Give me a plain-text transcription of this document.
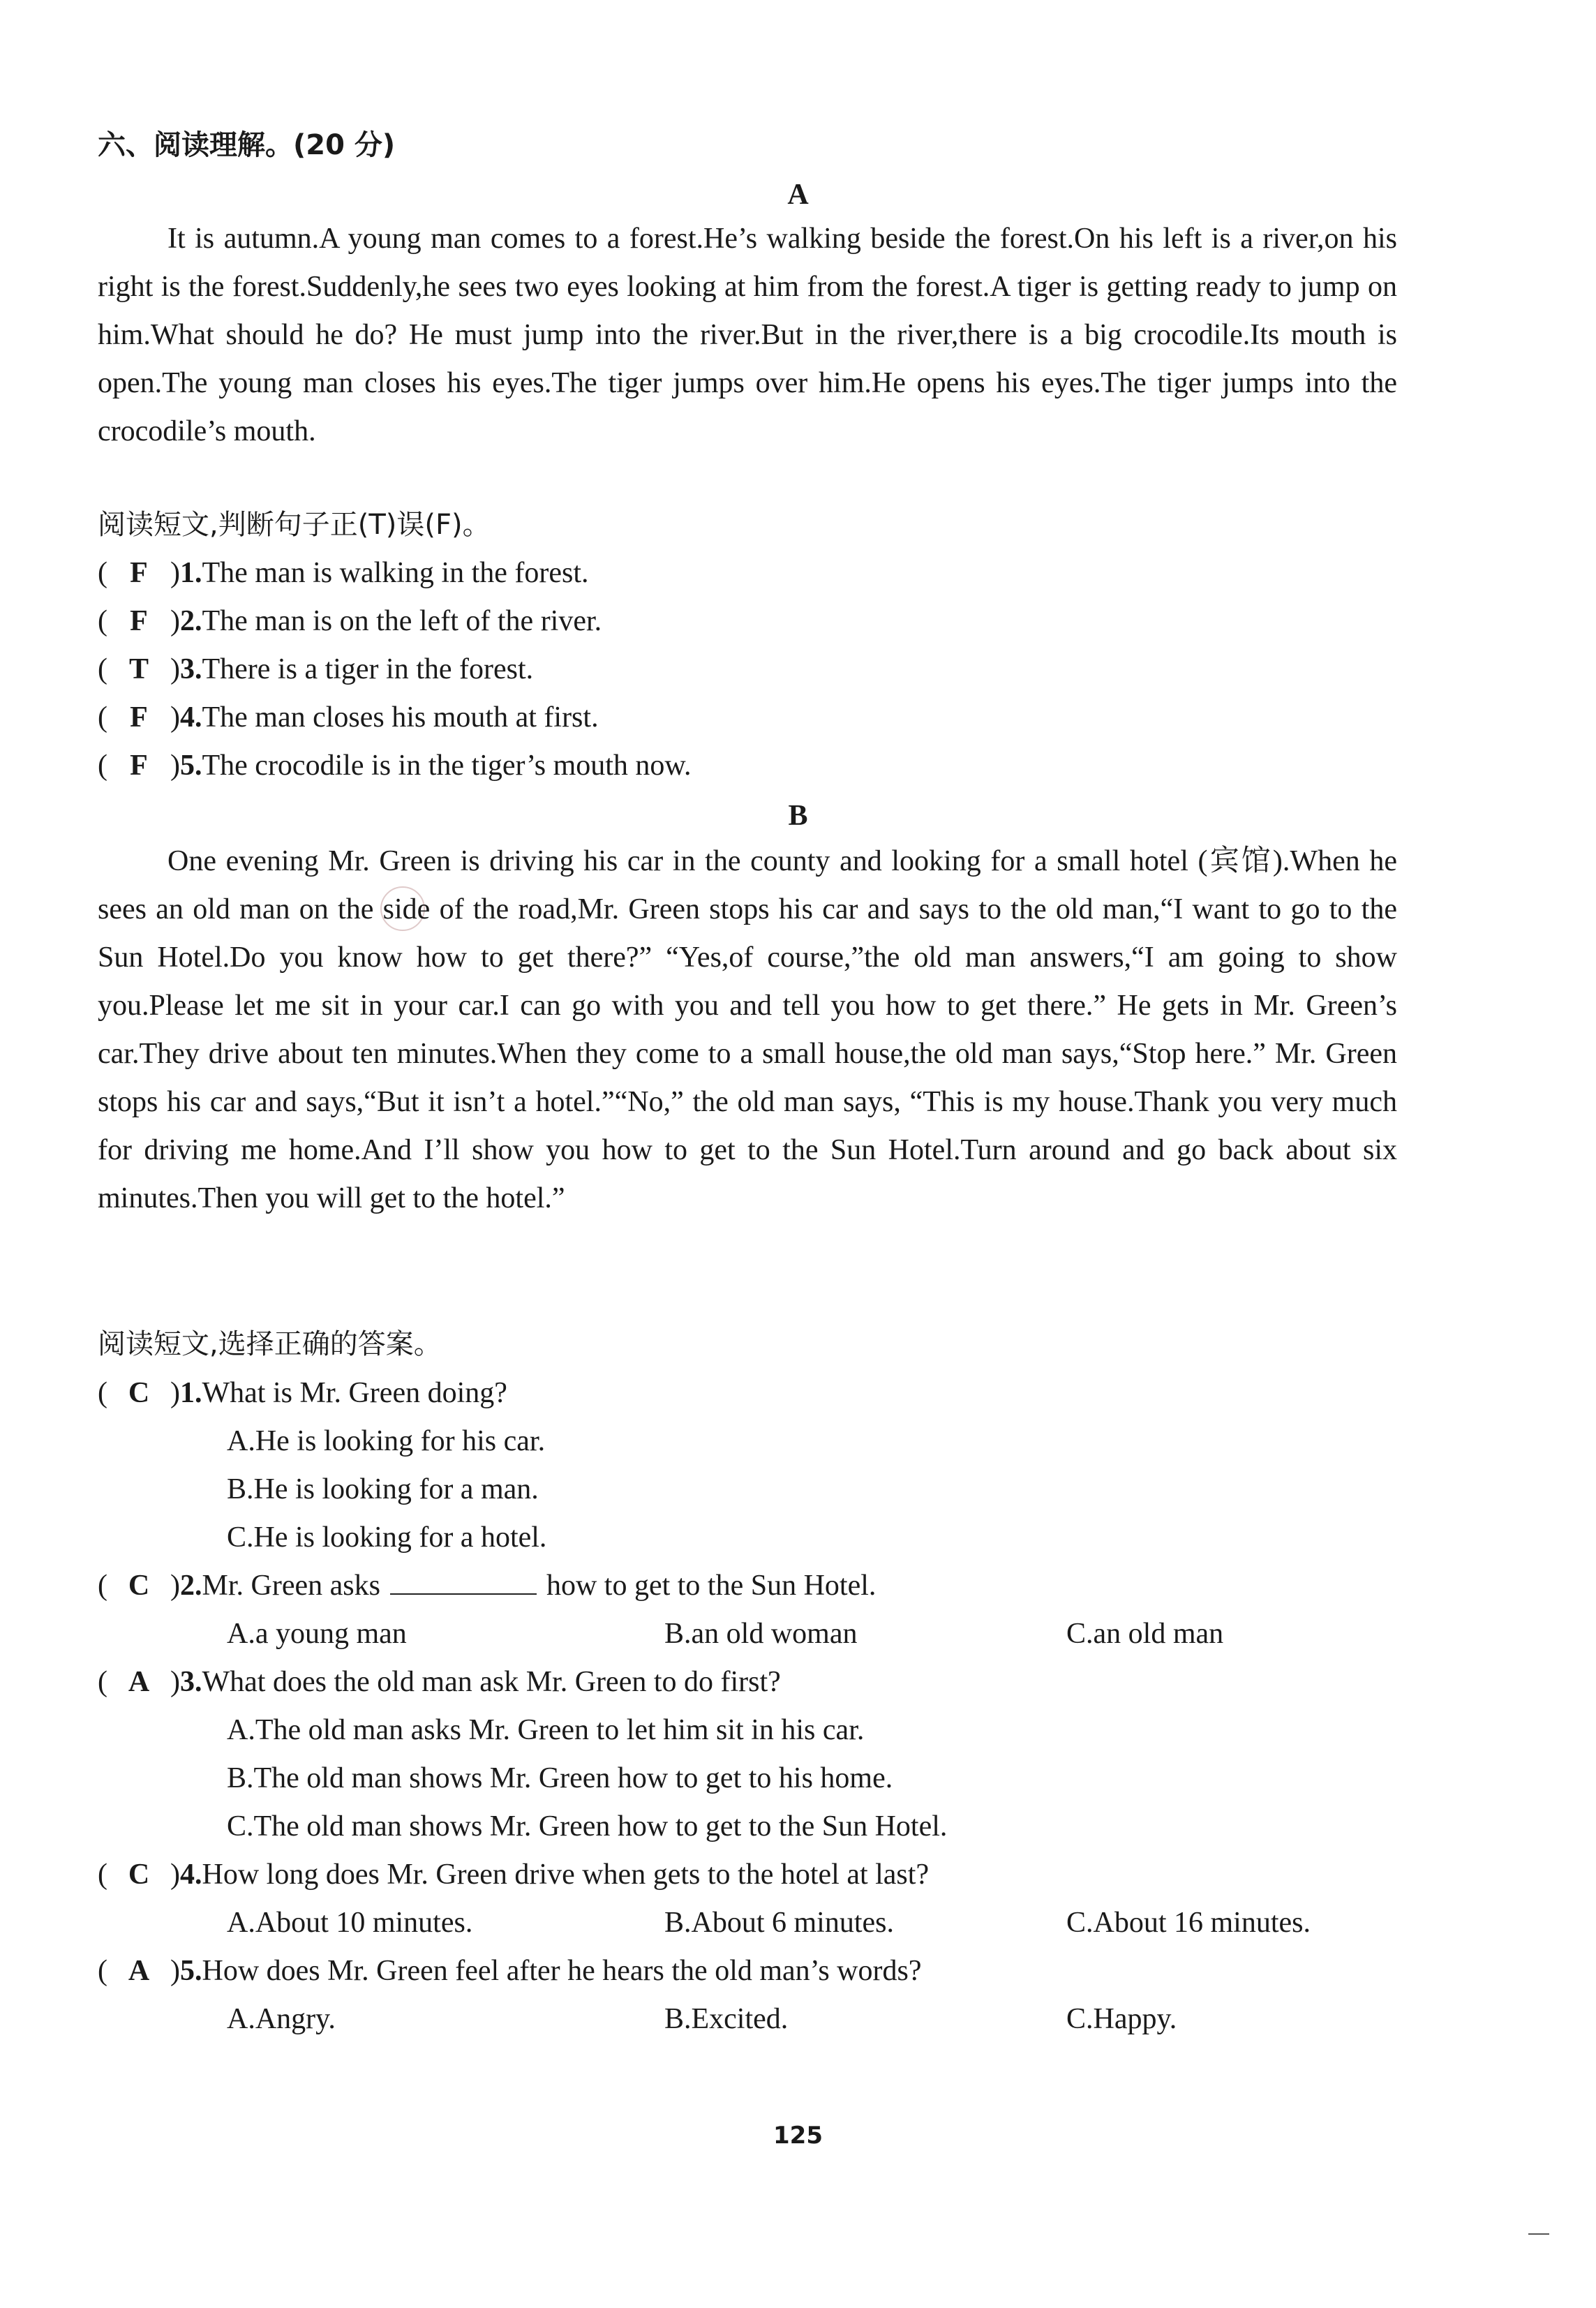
六、阅读理解。(20 分)
A

It is autumn.A young man comes to a forest.He’s walking beside the forest.On his left is a river,on his right is the forest.Suddenly,he sees two eyes looking at him from the forest.A tiger is getting ready to jump on him.What should he do? He must jump into the river.But in the river,there is a big crocodile.Its mouth is open.The young man closes his eyes.The tiger jumps over him.He opens his eyes.The tiger jumps into the crocodile’s mouth.

阅读短文,判断句子正(T)误(F)。
( F )1.The man is walking in the forest.
( F )2.The man is on the left of the river.
( T )3.There is a tiger in the forest.
( F )4.The man closes his mouth at first.
( F )5.The crocodile is in the tiger’s mouth now.
B

One evening Mr. Green is driving his car in the county and looking for a small hotel (宾馆).When he sees an old man on the side of the road,Mr. Green stops his car and says to the old man,“I want to go to the Sun Hotel.Do you know how to get there?” “Yes,of course,”the old man answers,“I am going to show you.Please let me sit in your car.I can go with you and tell you how to get there.” He gets in Mr. Green’s car.They drive about ten minutes.When they come to a small house,the old man says,“Stop here.” Mr. Green stops his car and says,“But it isn’t a hotel.”“No,” the old man says, “This is my house.Thank you very much for driving me home.And I’ll show you how to get to the Sun Hotel.Turn around and go back about six minutes.Then you will get to the hotel.”

阅读短文,选择正确的答案。
( C )1.What is Mr. Green doing?
A.He is looking for his car.
B.He is looking for a man.
C.He is looking for a hotel.
( C )2.Mr. Green asks	how to get to the Sun Hotel.
A.a young man	B.an old woman	C.an old man
( A )3.What does the old man ask Mr. Green to do first?
A.The old man asks Mr. Green to let him sit in his car.
B.The old man shows Mr. Green how to get to his home.
C.The old man shows Mr. Green how to get to the Sun Hotel.
( C )4.How long does Mr. Green drive when gets to the hotel at last?
A.About 10 minutes.	B.About 6 minutes.	C.About 16 minutes.
( A )5.How does Mr. Green feel after he hears the old man’s words?
A.Angry.	B.Excited.	C.Happy.
125
